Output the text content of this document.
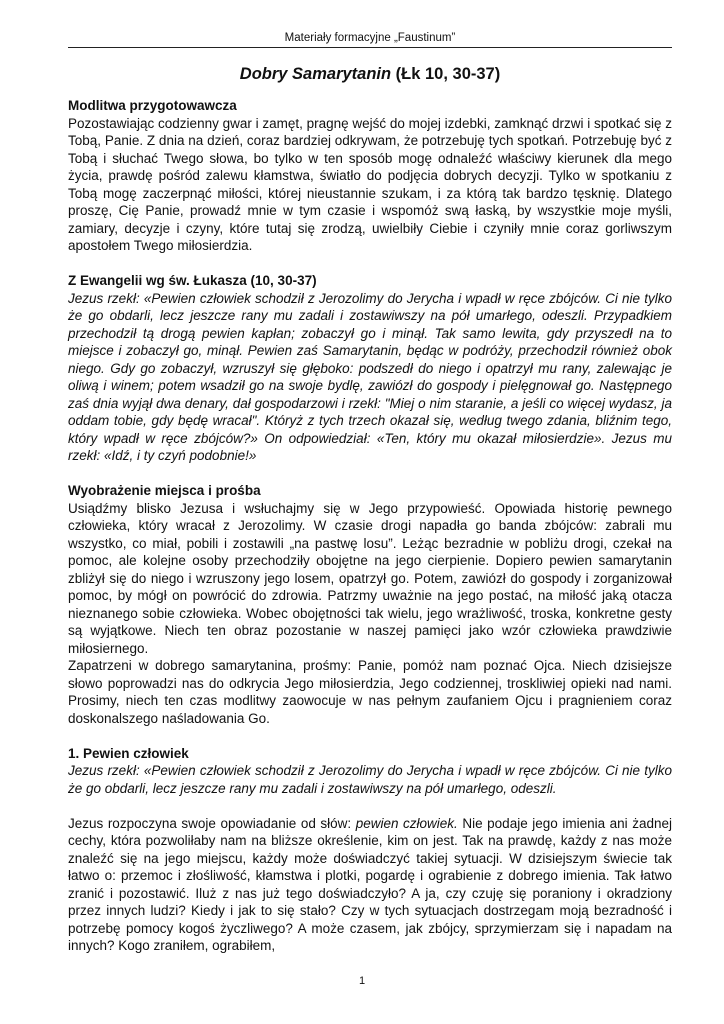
Materiały formacyjne „Faustinum”
Dobry Samarytanin (Łk 10, 30-37)
Modlitwa przygotowawcza

Pozostawiając codzienny gwar i zamęt, pragnę wejść do mojej izdebki, zamknąć drzwi i spotkać się z Tobą, Panie. Z dnia na dzień, coraz bardziej odkrywam, że potrzebuję tych spotkań. Potrzebuję być z Tobą i słuchać Twego słowa, bo tylko w ten sposób mogę odnaleźć właściwy kierunek dla mego życia, prawdę pośród zalewu kłamstwa, światło do podjęcia dobrych decyzji. Tylko w spotkaniu z Tobą mogę zaczerpnąć miłości, której nieustannie szukam, i za którą tak bardzo tęsknię. Dlatego proszę, Cię Panie, prowadź mnie w tym czasie i wspomóż swą łaską, by wszystkie moje myśli, zamiary, decyzje i czyny, które tutaj się zrodzą, uwielbiły Ciebie i czyniły mnie coraz gorliwszym apostołem Twego miłosierdzia.

Z Ewangelii wg św. Łukasza (10, 30-37)

Jezus rzekł: «Pewien człowiek schodził z Jerozolimy do Jerycha i wpadł w ręce zbójców. Ci nie tylko że go obdarli, lecz jeszcze rany mu zadali i zostawiwszy na pół umarłego, odeszli. Przypadkiem przechodził tą drogą pewien kapłan; zobaczył go i minął. Tak samo lewita, gdy przyszedł na to miejsce i zobaczył go, minął. Pewien zaś Samarytanin, będąc w podróży, przechodził również obok niego. Gdy go zobaczył, wzruszył się głęboko: podszedł do niego i opatrzył mu rany, zalewając je oliwą i winem; potem wsadził go na swoje bydlę, zawiózł do gospody i pielęgnował go. Następnego zaś dnia wyjął dwa denary, dał gospodarzowi i rzekł: "Miej o nim staranie, a jeśli co więcej wydasz, ja oddam tobie, gdy będę wracał". Któryż z tych trzech okazał się, według twego zdania, bliźnim tego, który wpadł w ręce zbójców?» On odpowiedział: «Ten, który mu okazał miłosierdzie». Jezus mu rzekł: «Idź, i ty czyń podobnie!»

Wyobrażenie miejsca i prośba

Usiądźmy blisko Jezusa i wsłuchajmy się w Jego przypowieść. Opowiada historię pewnego człowieka, który wracał z Jerozolimy. W czasie drogi napadła go banda zbójców: zabrali mu wszystko, co miał, pobili i zostawili „na pastwę losu”. Leżąc bezradnie w pobliżu drogi, czekał na pomoc, ale kolejne osoby przechodziły obojętne na jego cierpienie. Dopiero pewien samarytanin zbliżył się do niego i wzruszony jego losem, opatrzył go. Potem, zawiózł do gospody i zorganizował pomoc, by mógł on powrócić do zdrowia. Patrzmy uważnie na jego postać, na miłość jaką otacza nieznanego sobie człowieka. Wobec obojętności tak wielu, jego wrażliwość, troska, konkretne gesty są wyjątkowe. Niech ten obraz pozostanie w naszej pamięci jako wzór człowieka prawdziwie miłosiernego.

Zapatrzeni w dobrego samarytanina, prośmy: Panie, pomóż nam poznać Ojca. Niech dzisiejsze słowo poprowadzi nas do odkrycia Jego miłosierdzia, Jego codziennej, troskliwiej opieki nad nami. Prosimy, niech ten czas modlitwy zaowocuje w nas pełnym zaufaniem Ojcu i pragnieniem coraz doskonalszego naśladowania Go.

1. Pewien człowiek

Jezus rzekł: «Pewien człowiek schodził z Jerozolimy do Jerycha i wpadł w ręce zbójców. Ci nie tylko że go obdarli, lecz jeszcze rany mu zadali i zostawiwszy na pół umarłego, odeszli.

Jezus rozpoczyna swoje opowiadanie od słów: pewien człowiek. Nie podaje jego imienia ani żadnej cechy, która pozwoliłaby nam na bliższe określenie, kim on jest. Tak na prawdę, każdy z nas może znaleźć się na jego miejscu, każdy może doświadczyć takiej sytuacji. W dzisiejszym świecie tak łatwo o: przemoc i złośliwość, kłamstwa i plotki, pogardę i ograbienie z dobrego imienia. Tak łatwo zranić i pozostawić. Iluż z nas już tego doświadczyło? A ja, czy czuję się poraniony i okradziony przez innych ludzi? Kiedy i jak to się stało? Czy w tych sytuacjach dostrzegam moją bezradność i potrzebę pomocy kogoś życzliwego? A może czasem, jak zbójcy, sprzymierzam się i napadam na innych? Kogo zraniłem, ograbiłem,

1
